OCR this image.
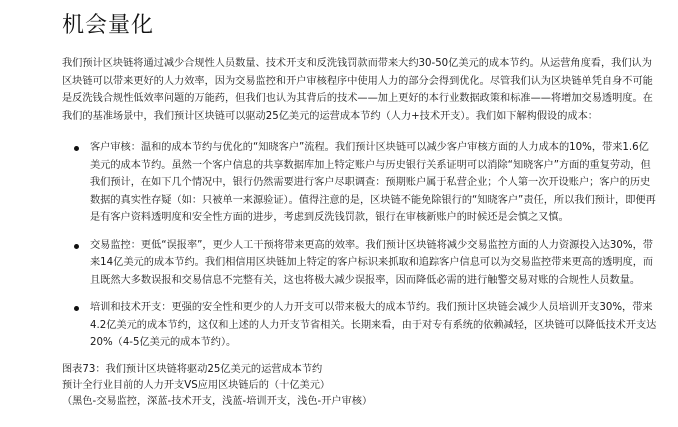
机会量化

我们预计区块链将通过减少合规性人员数量、技术开支和反洗钱罚款而带来大约30-50亿美元的成本节约。从运营角度看，我们认为区块链可以带来更好的人力效率，因为交易监控和开户审核程序中使用人力的部分会得到优化。尽管我们认为区块链单凭自身不可能是反洗钱合规性低效率问题的万能药，但我们也认为其背后的技术——加上更好的本行业数据政策和标准——将增加交易透明度。在我们的基准场景中，我们预计区块链可以驱动25亿美元的运营成本节约（人力+技术开支）。我们如下解构假设的成本：

客户审核：温和的成本节约与优化的“知晓客户”流程。我们预计区块链可以减少客户审核方面的人力成本的10%，带来1.6亿美元的成本节约。虽然一个客户信息的共享数据库加上特定账户与历史银行关系证明可以消除“知晓客户”方面的重复劳动，但我们预计，在如下几个情况中，银行仍然需要进行客户尽职调查：预期账户属于私营企业；个人第一次开设账户；客户的历史数据的真实性存疑（如：只被单一来源验证）。值得注意的是，区块链不能免除银行的“知晓客户”责任，所以我们预计，即便再是有客户资料透明度和安全性方面的进步，考虑到反洗钱罚款，银行在审核新账户的时候还是会慎之又慎。
交易监控：更低“误报率”，更少人工干预将带来更高的效率。我们预计区块链将减少交易监控方面的人力资源投入达30%，带来14亿美元的成本节约。我们相信用区块链加上特定的客户标识来抓取和追踪客户信息可以为交易监控带来更高的透明度，而且既然大多数误报和交易信息不完整有关，这也将极大减少误报率，因而降低必需的进行触警交易对账的合规性人员数量。
培训和技术开支：更强的安全性和更少的人力开支可以带来极大的成本节约。我们预计区块链会减少人员培训开支30%，带来4.2亿美元的成本节约，这仅和上述的人力开支节省相关。长期来看，由于对专有系统的依赖减轻，区块链可以降低技术开支达20%（4-5亿美元的成本节约）。
图表73：我们预计区块链将驱动25亿美元的运营成本节约
预计全行业目前的人力开支VS应用区块链后的（十亿美元）
（黑色-交易监控，深蓝-技术开支，浅蓝-培训开支，浅色-开户审核）
